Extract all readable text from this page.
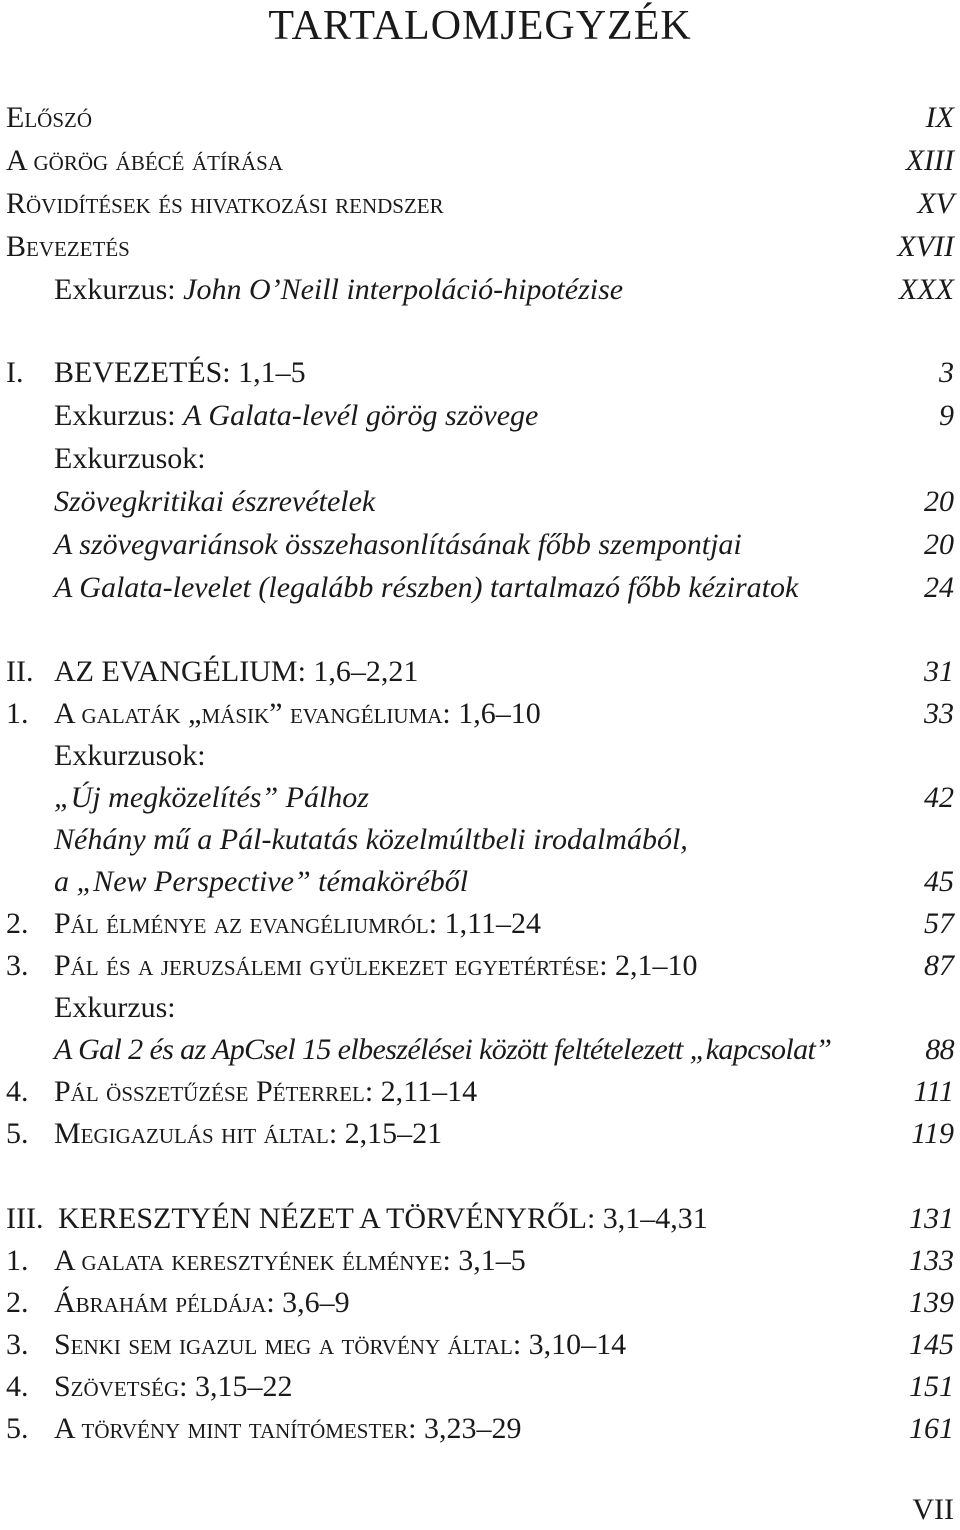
TARTALOMJEGYZÉK
Előszó	IX
A görög ábécé átírása	XIII
Rövidítések és hivatkozási rendszer	XV
Bevezetés	XVII
Exkurzus: John O’Neill interpoláció-hipotézise	XXX
I. BEVEZETÉS: 1,1–5	3
Exkurzus: A Galata-levél görög szövege	9
Exkurzusok:
Szövegkritikai észrevételek	20
A szövegvariánsok összehasonlításának főbb szempontjai	20
A Galata-levelet (legalább részben) tartalmazó főbb kéziratok	24
II. AZ EVANGÉLIUM: 1,6–2,21	31
1. A galaták „másik” evangéliuma: 1,6–10	33
Exkurzusok:
„Új megközelítés” Pálhoz	42
Néhány mű a Pál-kutatás közelmúltbeli irodalmából,
a „New Perspective” témaköréből	45
2. Pál élménye az evangéliumról: 1,11–24	57
3. Pál és a jeruzsálemi gyülekezet egyetértése: 2,1–10	87
Exkurzus:
A Gal 2 és az ApCsel 15 elbeszélései között feltételezett „kapcsolat”	88
4. Pál összetűzése Péterrel: 2,11–14	111
5. Megigazulás hit által: 2,15–21	119
III. KERESZTYÉN NÉZET A TÖRVÉNYRŐL: 3,1–4,31	131
1. A galata keresztyének élménye: 3,1–5	133
2. Ábrahám példája: 3,6–9	139
3. Senki sem igazul meg a törvény által: 3,10–14	145
4. Szövetség: 3,15–22	151
5. A törvény mint tanítómester: 3,23–29	161
VII
